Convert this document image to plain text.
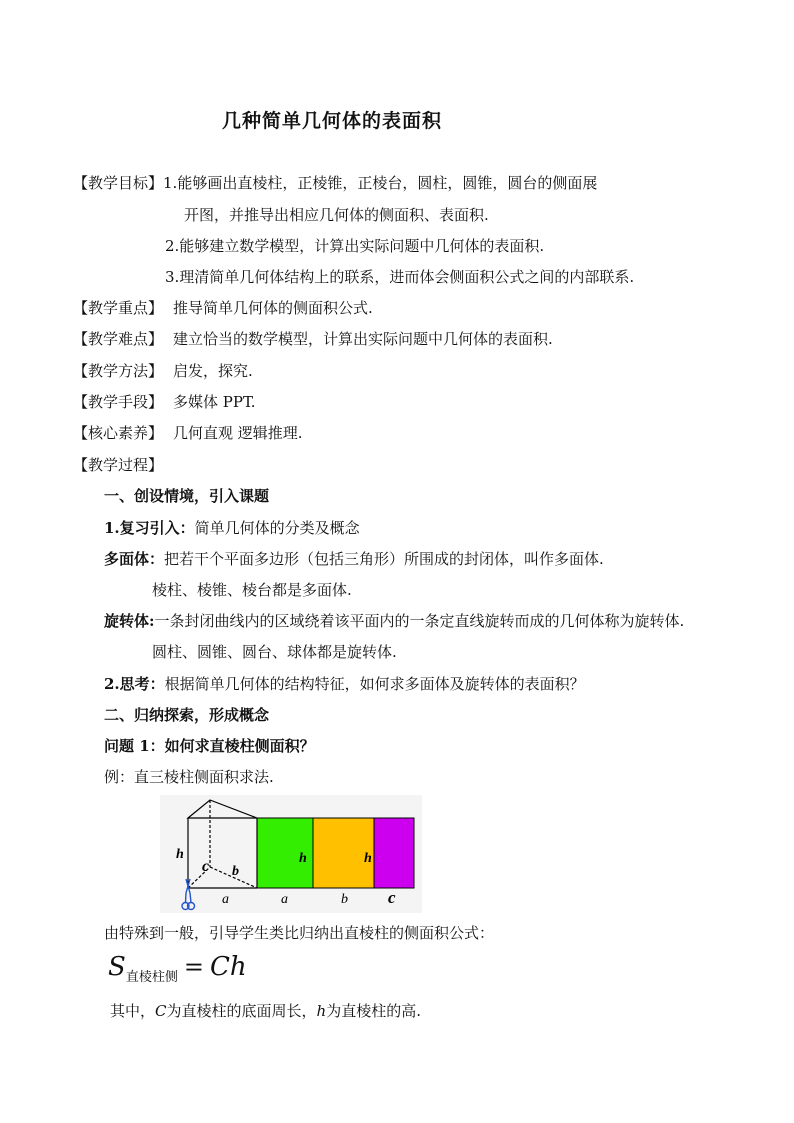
几种简单几何体的表面积
【教学目标】1.能够画出直棱柱，正棱锥，正棱台，圆柱，圆锥，圆台的侧面展
开图，并推导出相应几何体的侧面积、表面积.
2.能够建立数学模型，计算出实际问题中几何体的表面积.
3.理清简单几何体结构上的联系，进而体会侧面积公式之间的内部联系.
【教学重点】 推导简单几何体的侧面积公式.
【教学难点】 建立恰当的数学模型，计算出实际问题中几何体的表面积.
【教学方法】 启发，探究.
【教学手段】 多媒体 PPT.
【核心素养】 几何直观 逻辑推理.
【教学过程】
一、创设情境，引入课题
1.复习引入：简单几何体的分类及概念
多面体：把若干个平面多边形（包括三角形）所围成的封闭体，叫作多面体.
棱柱、棱锥、棱台都是多面体.
旋转体:一条封闭曲线内的区域绕着该平面内的一条定直线旋转而成的几何体称为旋转体.
圆柱、圆锥、圆台、球体都是旋转体.
2.思考：根据简单几何体的结构特征，如何求多面体及旋转体的表面积？
二、归纳探索，形成概念
问题 1：如何求直棱柱侧面积？
例：直三棱柱侧面积求法.
h
c b
a
h	h
a	b c
由特殊到一般，引导学生类比归纳出直棱柱的侧面积公式：
$S_{直棱柱侧} = Ch$
其中，C为直棱柱的底面周长，h为直棱柱的高.
